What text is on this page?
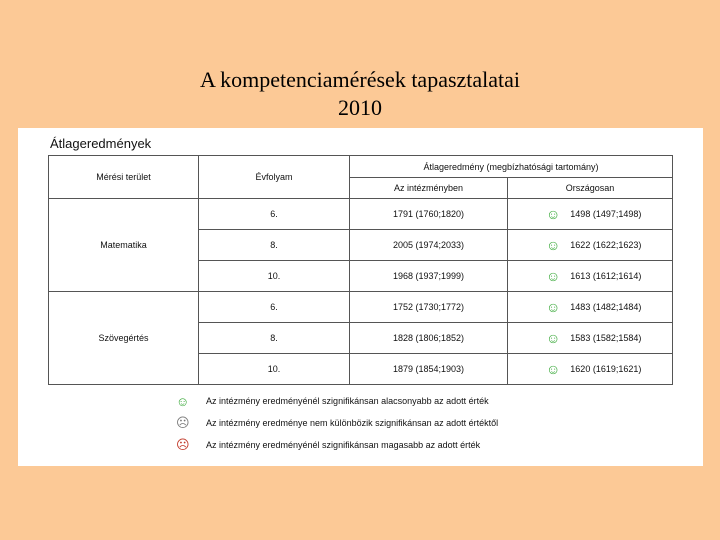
A kompetenciamérések tapasztalatai
2010
Átlageredmények
Mérési terület	Évfolyam	Átlageredmény (megbízhatósági tartomány)	
		Az intézményben	Országosan
Matematika	6.	1791 (1760;1820)	☺ 1498 (1497;1498)
	8.	2005 (1974;2033)	☺ 1622 (1622;1623)
	10.	1968 (1937;1999)	☺ 1613 (1612;1614)
Szövegértés	6.	1752 (1730;1772)	☺ 1483 (1482;1484)
	8.	1828 (1806;1852)	☺ 1583 (1582;1584)
	10.	1879 (1854;1903)	☺ 1620 (1619;1621)
☺	Az intézmény eredményénél szignifikánsan alacsonyabb az adott érték
☹	Az intézmény eredménye nem különbözik szignifikánsan az adott értéktől
☹	Az intézmény eredményénél szignifikánsan magasabb az adott érték
